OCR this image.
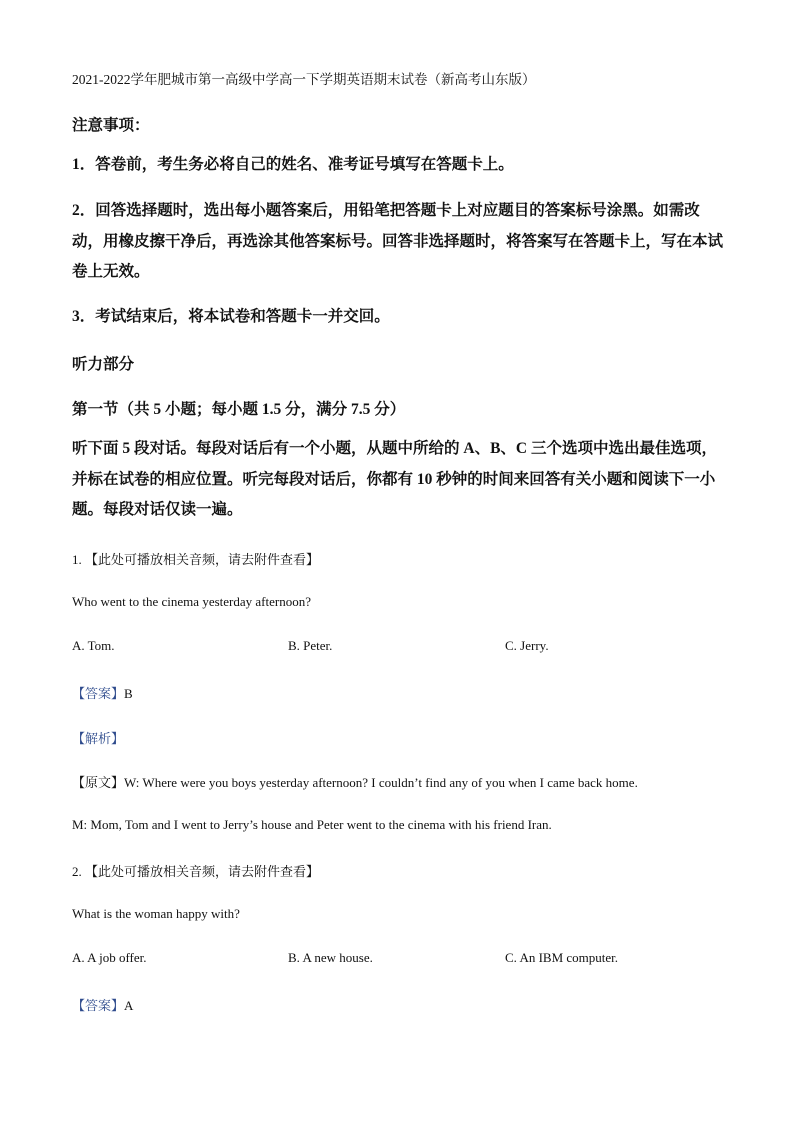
2021-2022学年肥城市第一高级中学高一下学期英语期末试卷（新高考山东版）
注意事项：
1．答卷前，考生务必将自己的姓名、准考证号填写在答题卡上。
2．回答选择题时，选出每小题答案后，用铅笔把答题卡上对应题目的答案标号涂黑。如需改动，用橡皮擦干净后，再选涂其他答案标号。回答非选择题时，将答案写在答题卡上，写在本试卷上无效。
3．考试结束后，将本试卷和答题卡一并交回。
听力部分
第一节（共 5 小题；每小题 1.5 分，满分 7.5 分）
听下面 5 段对话。每段对话后有一个小题，从题中所给的 A、B、C 三个选项中选出最佳选项，并标在试卷的相应位置。听完每段对话后，你都有 10 秒钟的时间来回答有关小题和阅读下一小题。每段对话仅读一遍。
1. 【此处可播放相关音频，请去附件查看】
Who went to the cinema yesterday afternoon?
A. Tom.	B. Peter.	C. Jerry.
【答案】B
【解析】
【原文】W: Where were you boys yesterday afternoon? I couldn’t find any of you when I came back home.
M: Mom, Tom and I went to Jerry’s house and Peter went to the cinema with his friend Iran.
2. 【此处可播放相关音频，请去附件查看】
What is the woman happy with?
A. A job offer.	B. A new house.	C. An IBM computer.
【答案】A
